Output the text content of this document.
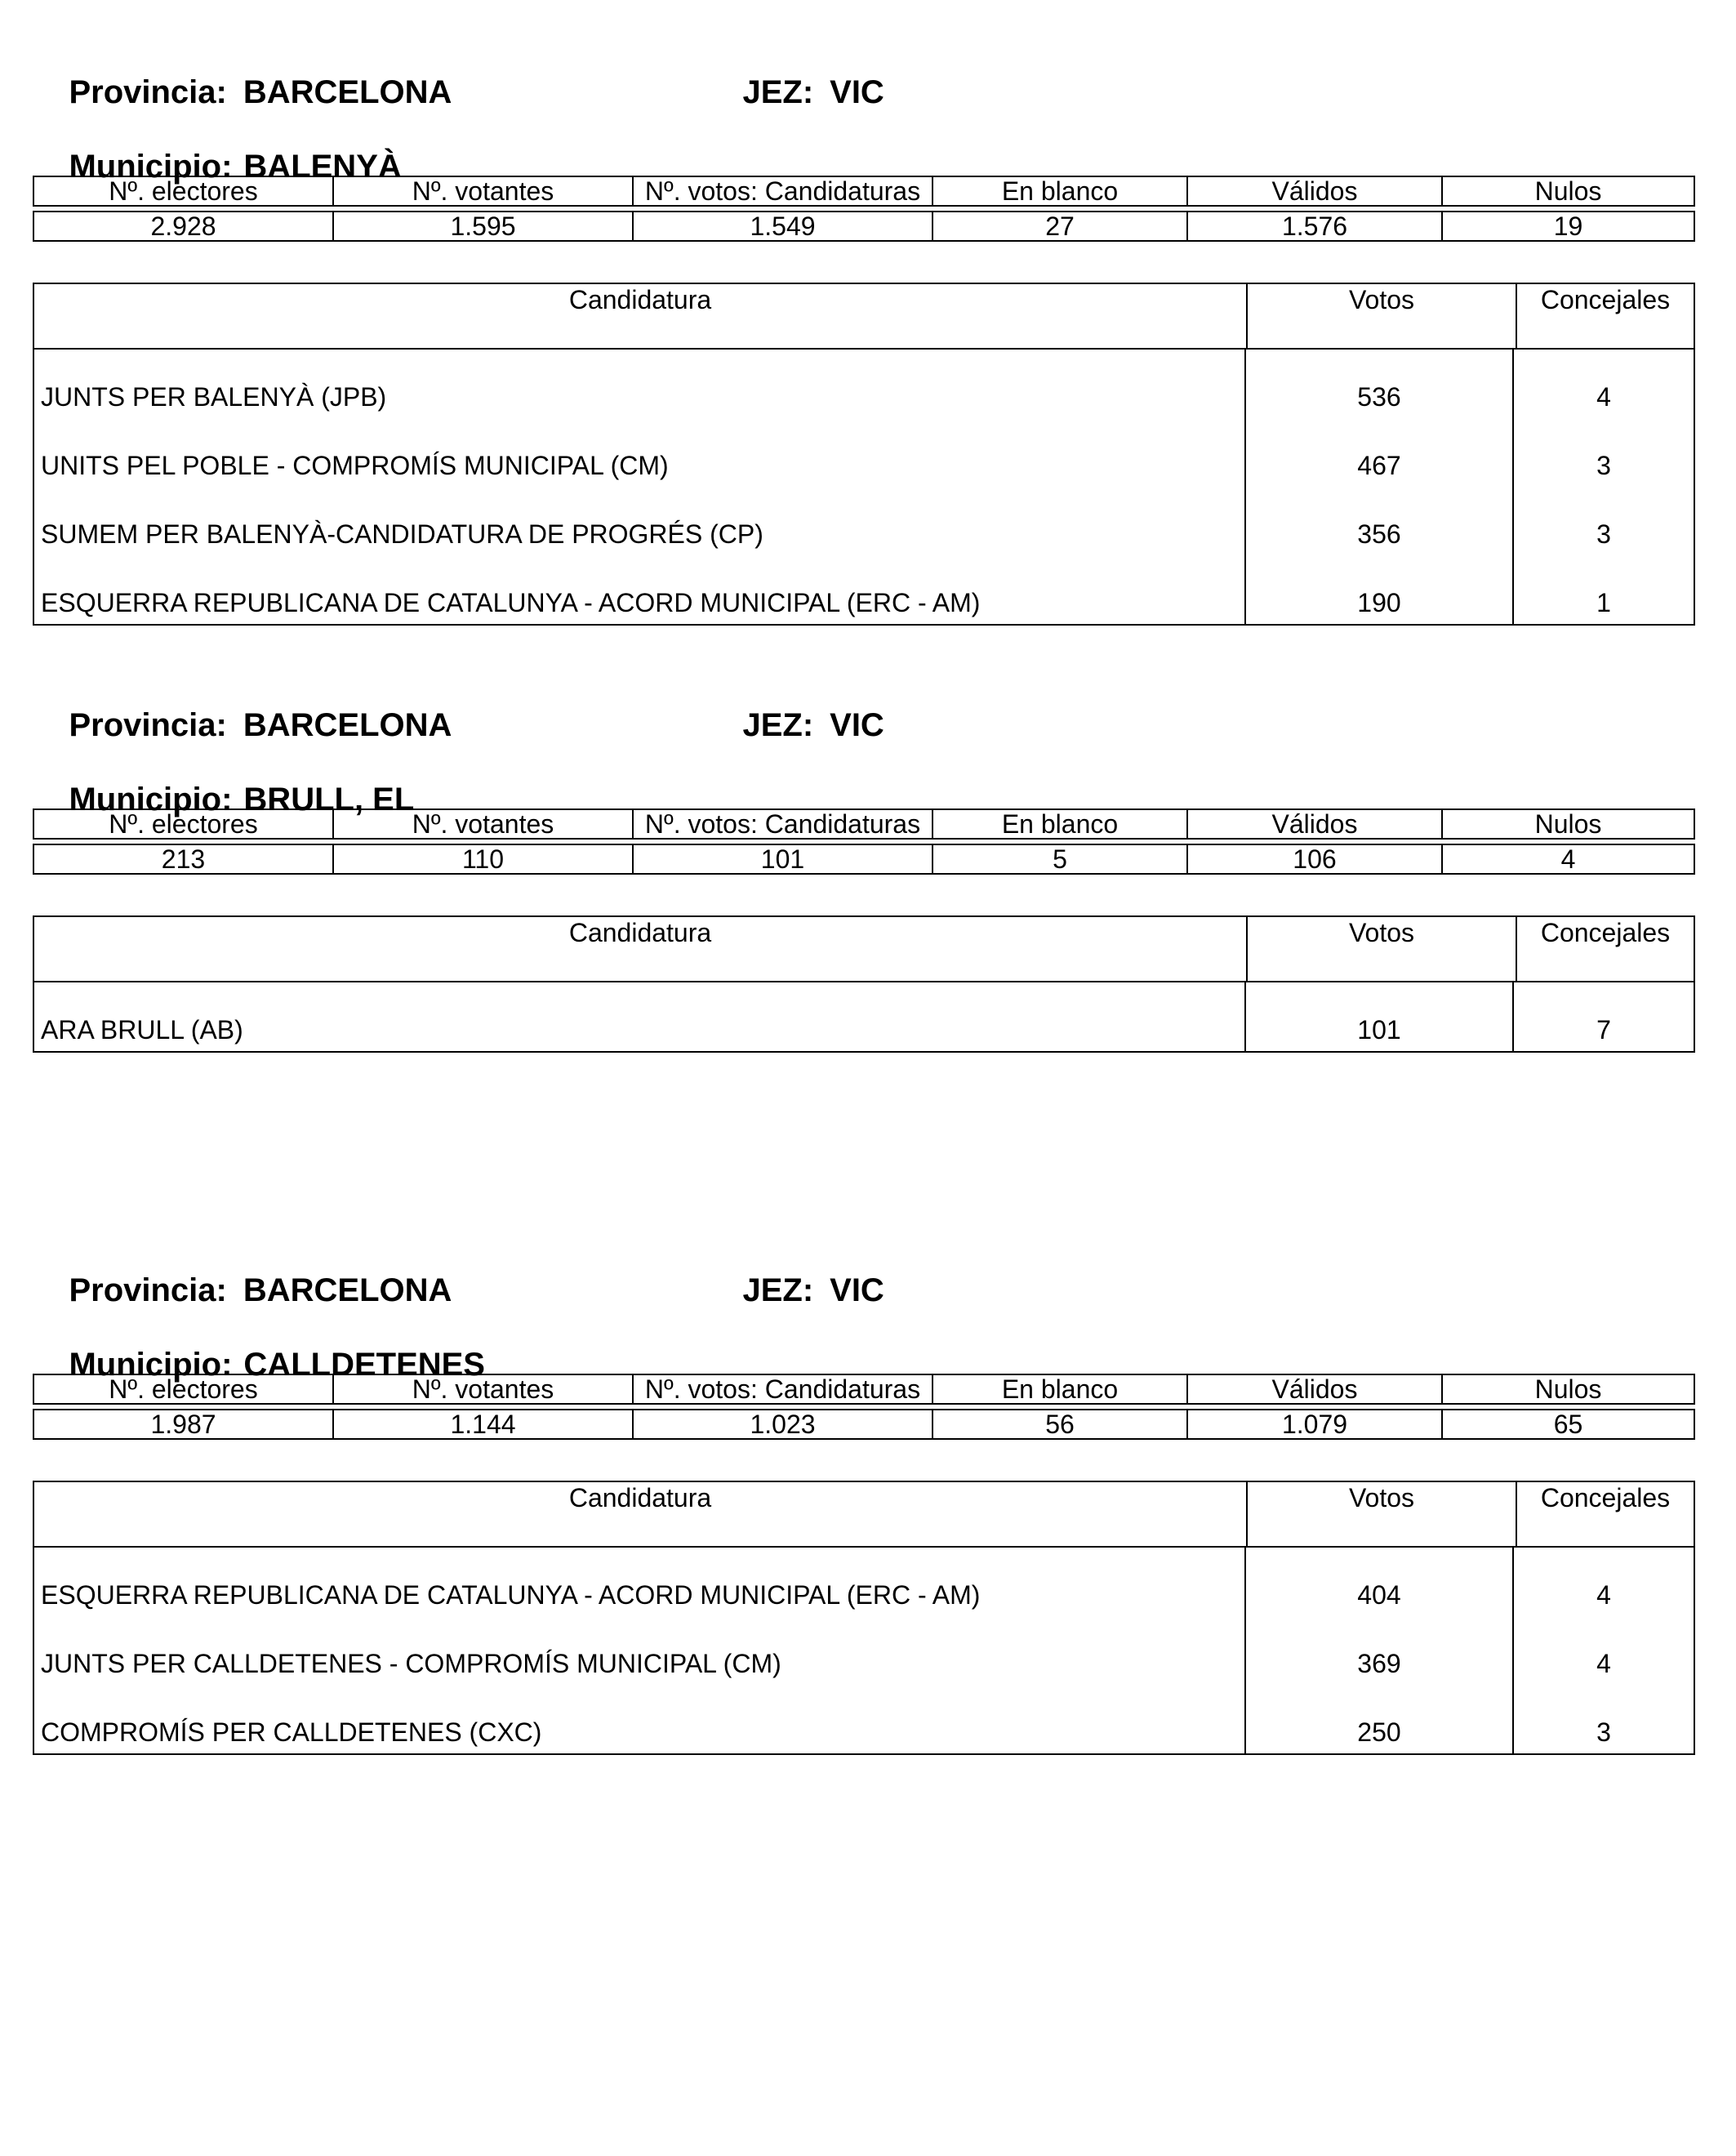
Provincia: BARCELONA
	JEZ: VIC

Municipio: BALENYÀ

Nº. electores	Nº. votantes	Nº. votos: Candidaturas	En blanco	Válidos	Nulos

2.928	1.595	1.549	27	1.576	19
Candidatura	Votos	Concejales
JUNTS PER BALENYÀ (JPB)	536	4
UNITS PEL POBLE - COMPROMÍS MUNICIPAL (CM)	467	3
SUMEM PER BALENYÀ-CANDIDATURA DE PROGRÉS (CP)	356	3
ESQUERRA REPUBLICANA DE CATALUNYA - ACORD MUNICIPAL (ERC - AM)	190	1

Provincia: BARCELONA
	JEZ: VIC

Municipio: BRULL, EL

Nº. electores	Nº. votantes	Nº. votos: Candidaturas	En blanco	Válidos	Nulos

213	110	101	5	106	4
Candidatura	Votos	Concejales
ARA BRULL (AB)	101	7

Provincia: BARCELONA
	JEZ: VIC

Municipio: CALLDETENES

Nº. electores	Nº. votantes	Nº. votos: Candidaturas	En blanco	Válidos	Nulos

1.987	1.144	1.023	56	1.079	65
Candidatura	Votos	Concejales
ESQUERRA REPUBLICANA DE CATALUNYA - ACORD MUNICIPAL (ERC - AM)	404	4
JUNTS PER CALLDETENES - COMPROMÍS MUNICIPAL (CM)	369	4
COMPROMÍS PER CALLDETENES (CXC)	250	3
